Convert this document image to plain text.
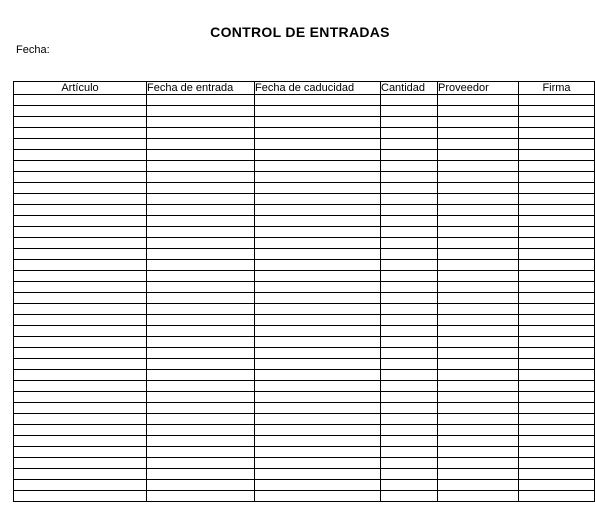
CONTROL DE ENTRADAS
Fecha:
Artículo	Fecha de entrada	Fecha de caducidad	Cantidad	Proveedor	Firma
